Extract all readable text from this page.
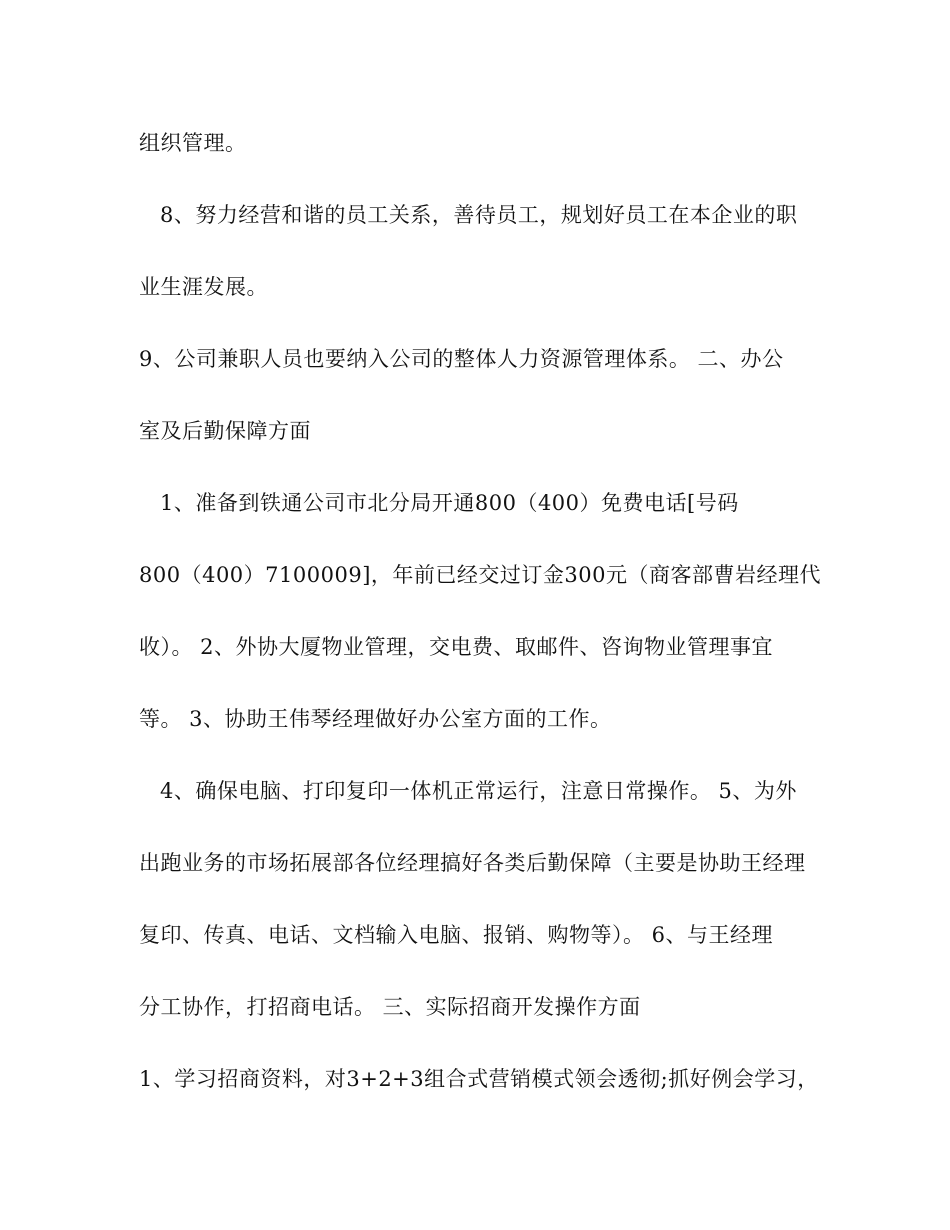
组织管理。
8、努力经营和谐的员工关系，善待员工，规划好员工在本企业的职
业生涯发展。
9、公司兼职人员也要纳入公司的整体人力资源管理体系。 二、办公
室及后勤保障方面
1、准备到铁通公司市北分局开通800（400）免费电话[号码
800（400）7100009]，年前已经交过订金300元（商客部曹岩经理代
收）。 2、外协大厦物业管理，交电费、取邮件、咨询物业管理事宜
等。 3、协助王伟琴经理做好办公室方面的工作。
4、确保电脑、打印复印一体机正常运行，注意日常操作。 5、为外
出跑业务的市场拓展部各位经理搞好各类后勤保障（主要是协助王经理
复印、传真、电话、文档输入电脑、报销、购物等）。 6、与王经理
分工协作，打招商电话。 三、实际招商开发操作方面
1、学习招商资料，对3+2+3组合式营销模式领会透彻;抓好例会学习，
